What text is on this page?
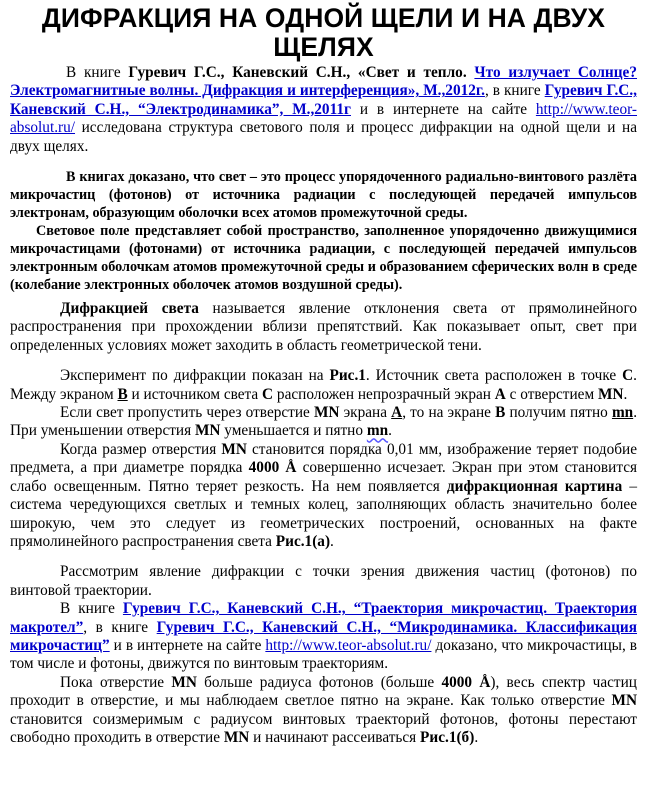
ДИФРАКЦИЯ НА ОДНОЙ ЩЕЛИ И НА ДВУХ ЩЕЛЯХ

В книге Гуревич Г.С., Каневский С.Н., «Свет и тепло. Что излучает Солнце? Электромагнитные волны. Дифракция и интерференция», М.,2012г., в книге Гуревич Г.С., Каневский С.Н., “Электродинамика”, М.,2011г и в интернете на сайте http://www.teor-absolut.ru/ исследована структура светового поля и процесс дифракции на одной щели и на двух щелях.

В книгах доказано, что свет – это процесс упорядоченного радиально-винтового разлёта микрочастиц (фотонов) от источника радиации с последующей передачей импульсов электронам, образующим оболочки всех атомов промежуточной среды.

Световое поле представляет собой пространство, заполненное упорядоченно движущимися микрочастицами (фотонами) от источника радиации, с последующей передачей импульсов электронным оболочкам атомов промежуточной среды и образованием сферических волн в среде (колебание электронных оболочек атомов воздушной среды).

Дифракцией света называется явление отклонения света от прямолинейного распространения при прохождении вблизи препятствий. Как показывает опыт, свет при определенных условиях может заходить в область геометрической тени.

Эксперимент по дифракции показан на Рис.1. Источник света расположен в точке С. Между экраном В и источником света С расположен непрозрачный экран А с отверстием MN.

Если свет пропустить через отверстие MN экрана А, то на экране В получим пятно mn. При уменьшении отверстия MN уменьшается и пятно mn.

Когда размер отверстия MN становится порядка 0,01 мм, изображение теряет подобие предмета, а при диаметре порядка 4000 Å совершенно исчезает. Экран при этом становится слабо освещенным. Пятно теряет резкость. На нем появляется дифракционная картина – система чередующихся светлых и темных колец, заполняющих область значительно более широкую, чем это следует из геометрических построений, основанных на факте прямолинейного распространения света Рис.1(а).

Рассмотрим явление дифракции с точки зрения движения частиц (фотонов) по винтовой траектории.

В книге Гуревич Г.С., Каневский С.Н., “Траектория микрочастиц. Траектория макротел”, в книге Гуревич Г.С., Каневский С.Н., “Микродинамика. Классификация микрочастиц” и в интернете на сайте http://www.teor-absolut.ru/ доказано, что микрочастицы, в том числе и фотоны, движутся по винтовым траекториям.

Пока отверстие MN больше радиуса фотонов (больше 4000 Å), весь спектр частиц проходит в отверстие, и мы наблюдаем светлое пятно на экране. Как только отверстие MN становится соизмеримым с радиусом винтовых траекторий фотонов, фотоны перестают свободно проходить в отверстие MN и начинают рассеиваться Рис.1(б).
